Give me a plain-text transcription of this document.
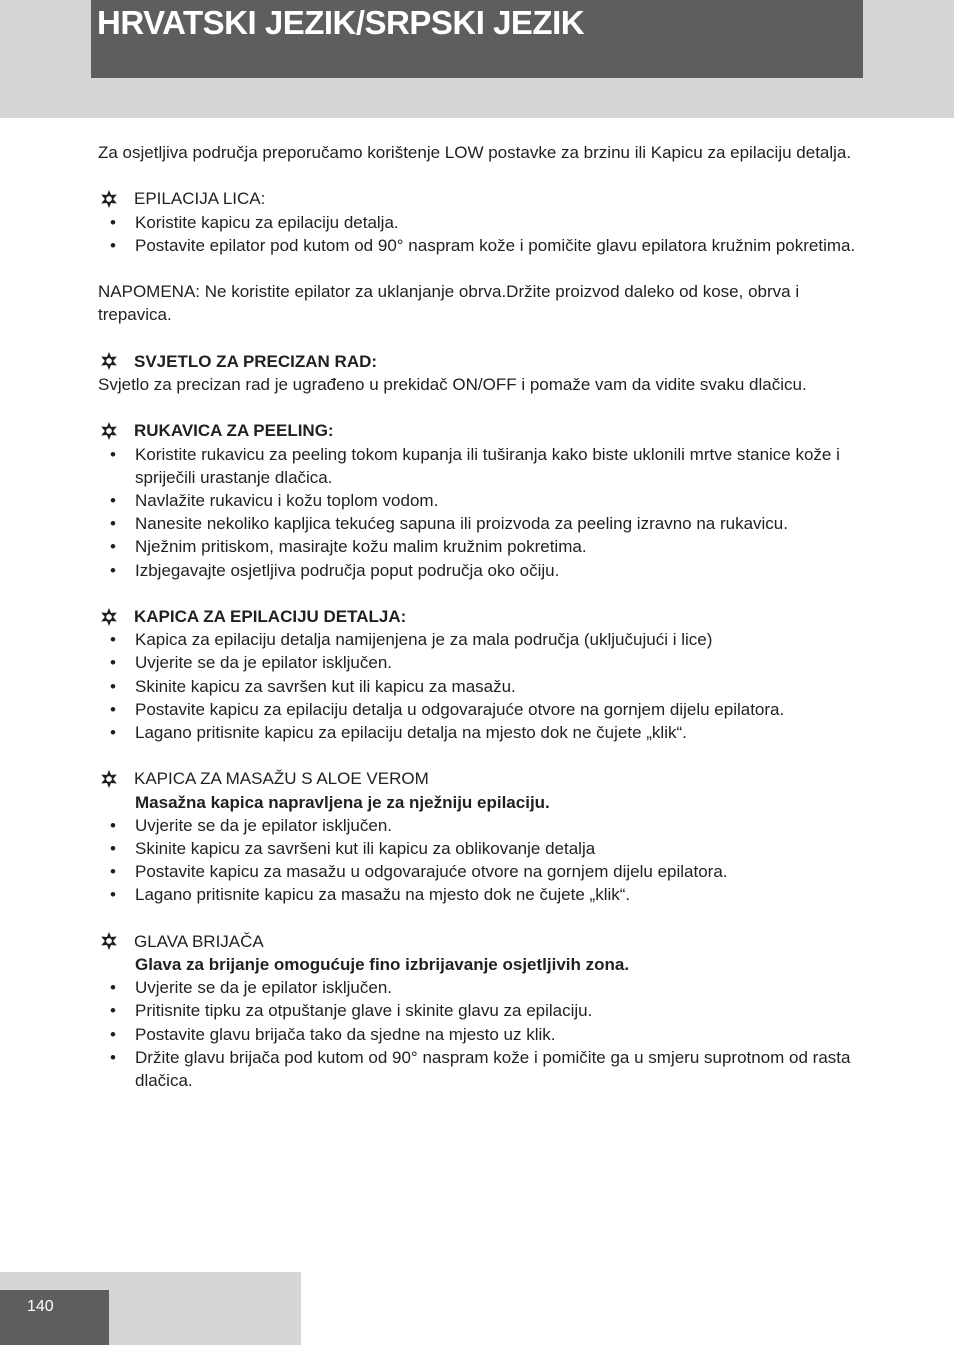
HRVATSKI JEZIK/SRPSKI JEZIK

Za osjetljiva područja preporučamo korištenje LOW postavke za brzinu ili Kapicu za epilaciju detalja.

EPILACIJA LICA:
• Koristite kapicu za epilaciju detalja.
• Postavite epilator pod kutom od 90° naspram kože i pomičite glavu epilatora kružnim pokretima.

NAPOMENA: Ne koristite epilator za uklanjanje obrva.Držite proizvod daleko od kose, obrva i trepavica.

SVJETLO ZA PRECIZAN RAD:

Svjetlo za precizan rad je ugrađeno u prekidač ON/OFF i pomaže vam da vidite svaku dlačicu.

RUKAVICA ZA PEELING:
• Koristite rukavicu za peeling tokom kupanja ili tuširanja kako biste uklonili mrtve stanice kože i spriječili urastanje dlačica.
• Navlažite rukavicu i kožu toplom vodom.
• Nanesite nekoliko kapljica tekućeg sapuna ili proizvoda za peeling izravno na rukavicu.
• Nježnim pritiskom, masirajte kožu malim kružnim pokretima.
• Izbjegavajte osjetljiva područja poput područja oko očiju.
KAPICA ZA EPILACIJU DETALJA:
• Kapica za epilaciju detalja namijenjena je za mala područja (uključujući i lice)
• Uvjerite se da je epilator isključen.
• Skinite kapicu za savršen kut ili kapicu za masažu.
• Postavite kapicu za epilaciju detalja u odgovarajuće otvore na gornjem dijelu epilatora.
• Lagano pritisnite kapicu za epilaciju detalja na mjesto dok ne čujete „klik“.
KAPICA ZA MASAŽU S ALOE VEROM

Masažna kapica napravljena je za nježniju epilaciju.

• Uvjerite se da je epilator isključen.
• Skinite kapicu za savršeni kut ili kapicu za oblikovanje detalja
• Postavite kapicu za masažu u odgovarajuće otvore na gornjem dijelu epilatora.
• Lagano pritisnite kapicu za masažu na mjesto dok ne čujete „klik“.
GLAVA BRIJAČA

Glava za brijanje omogućuje fino izbrijavanje osjetljivih zona.

• Uvjerite se da je epilator isključen.
• Pritisnite tipku za otpuštanje glave i skinite glavu za epilaciju.
• Postavite glavu brijača tako da sjedne na mjesto uz klik.
• Držite glavu brijača pod kutom od 90° naspram kože i pomičite ga u smjeru suprotnom od rasta dlačica.
140
